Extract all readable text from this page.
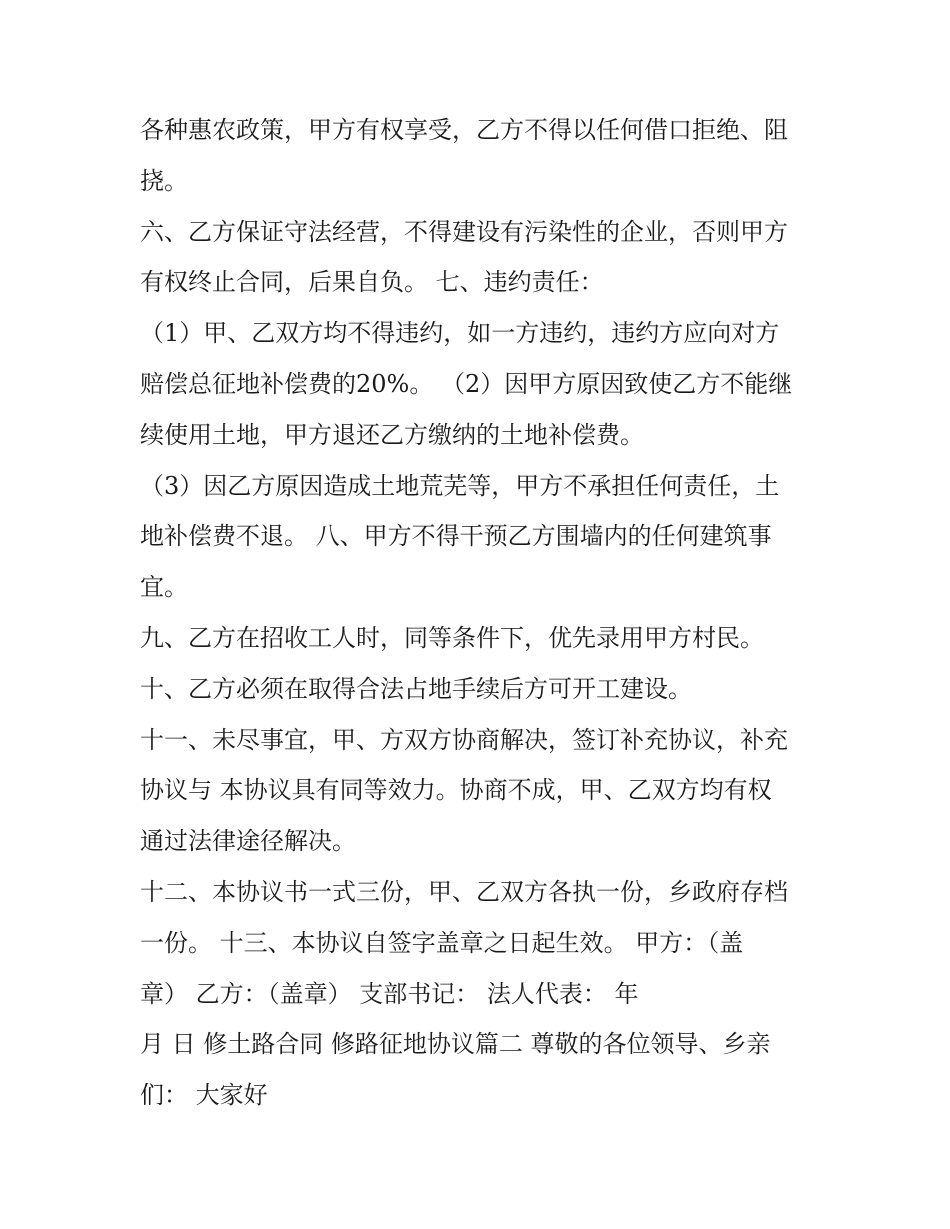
各种惠农政策，甲方有权享受，乙方不得以任何借口拒绝、阻
挠。
六、乙方保证守法经营，不得建设有污染性的企业，否则甲方
有权终止合同，后果自负。 七、违约责任：
（1）甲、乙双方均不得违约，如一方违约，违约方应向对方
赔偿总征地补偿费的20%。 （2）因甲方原因致使乙方不能继
续使用土地，甲方退还乙方缴纳的土地补偿费。
（3）因乙方原因造成土地荒芜等，甲方不承担任何责任，土
地补偿费不退。 八、甲方不得干预乙方围墙内的任何建筑事
宜。
九、乙方在招收工人时，同等条件下，优先录用甲方村民。
十、乙方必须在取得合法占地手续后方可开工建设。
十一、未尽事宜，甲、方双方协商解决，签订补充协议，补充
协议与 本协议具有同等效力。协商不成，甲、乙双方均有权
通过法律途径解决。
十二、本协议书一式三份，甲、乙双方各执一份，乡政府存档
一份。 十三、本协议自签字盖章之日起生效。 甲方：（盖
章） 乙方：（盖章） 支部书记： 法人代表： 年
月 日 修土路合同 修路征地协议篇二 尊敬的各位领导、乡亲
们： 大家好
